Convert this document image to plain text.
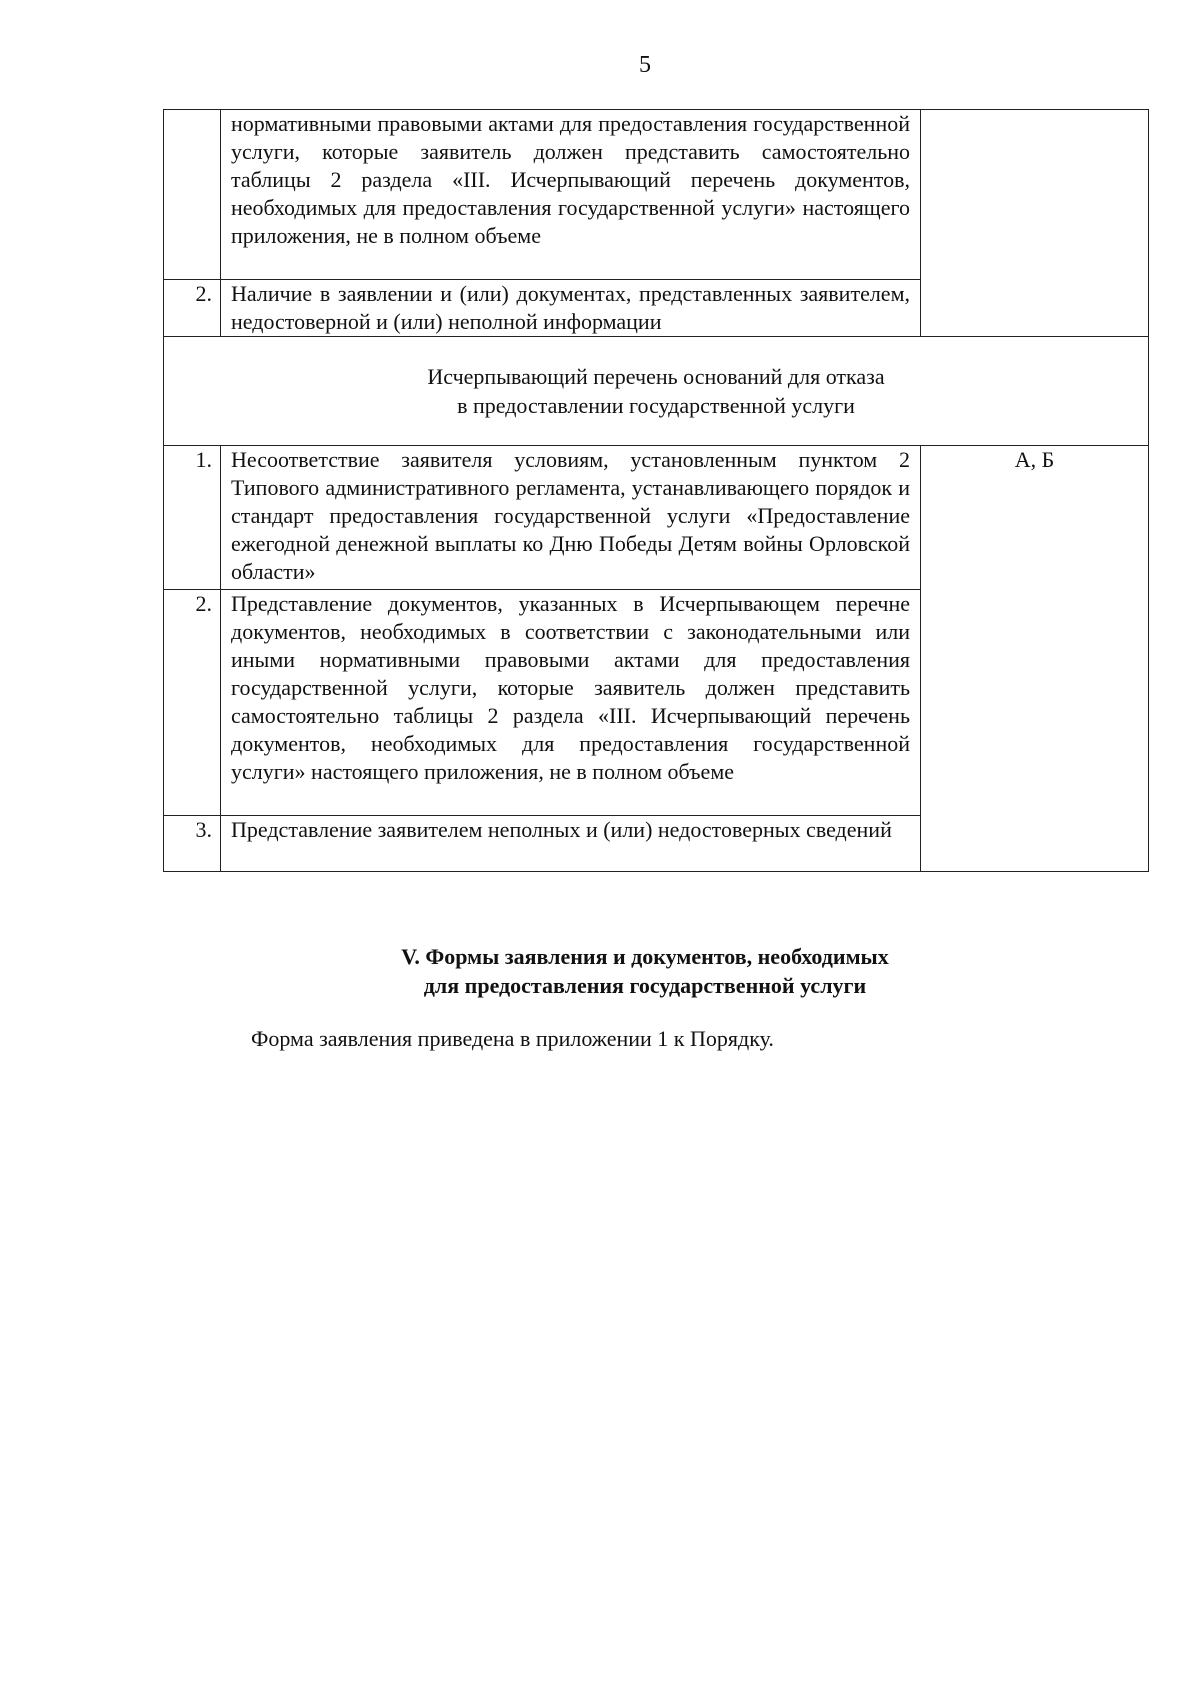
5
	нормативными правовыми актами для предоставления государственной услуги, которые заявитель должен представить самостоятельно таблицы 2 раздела «III. Исчерпывающий перечень документов, необходимых для предоставления государственной услуги» настоящего приложения, не в полном объеме	
2.	Наличие в заявлении и (или) документах, представленных заявителем, недостоверной и (или) неполной информации	

Исчерпывающий перечень оснований для отказа
в предоставлении государственной услуги		

1.	Несоответствие заявителя условиям, установленным пунктом 2 Типового административного регламента, устанавливающего порядок и стандарт предоставления государственной услуги «Предоставление ежегодной денежной выплаты ко Дню Победы Детям войны Орловской области»	А, Б
2.	Представление документов, указанных в Исчерпывающем перечне документов, необходимых в соответствии с законодательными или иными нормативными правовыми актами для предоставления государственной услуги, которые заявитель должен представить самостоятельно таблицы 2 раздела «III. Исчерпывающий перечень документов, необходимых для предоставления государственной услуги» настоящего приложения, не в полном объеме	
3.	Представление заявителем неполных и (или) недостоверных сведений	
V. Формы заявления и документов, необходимых
для предоставления государственной услуги
Форма заявления приведена в приложении 1 к Порядку.
